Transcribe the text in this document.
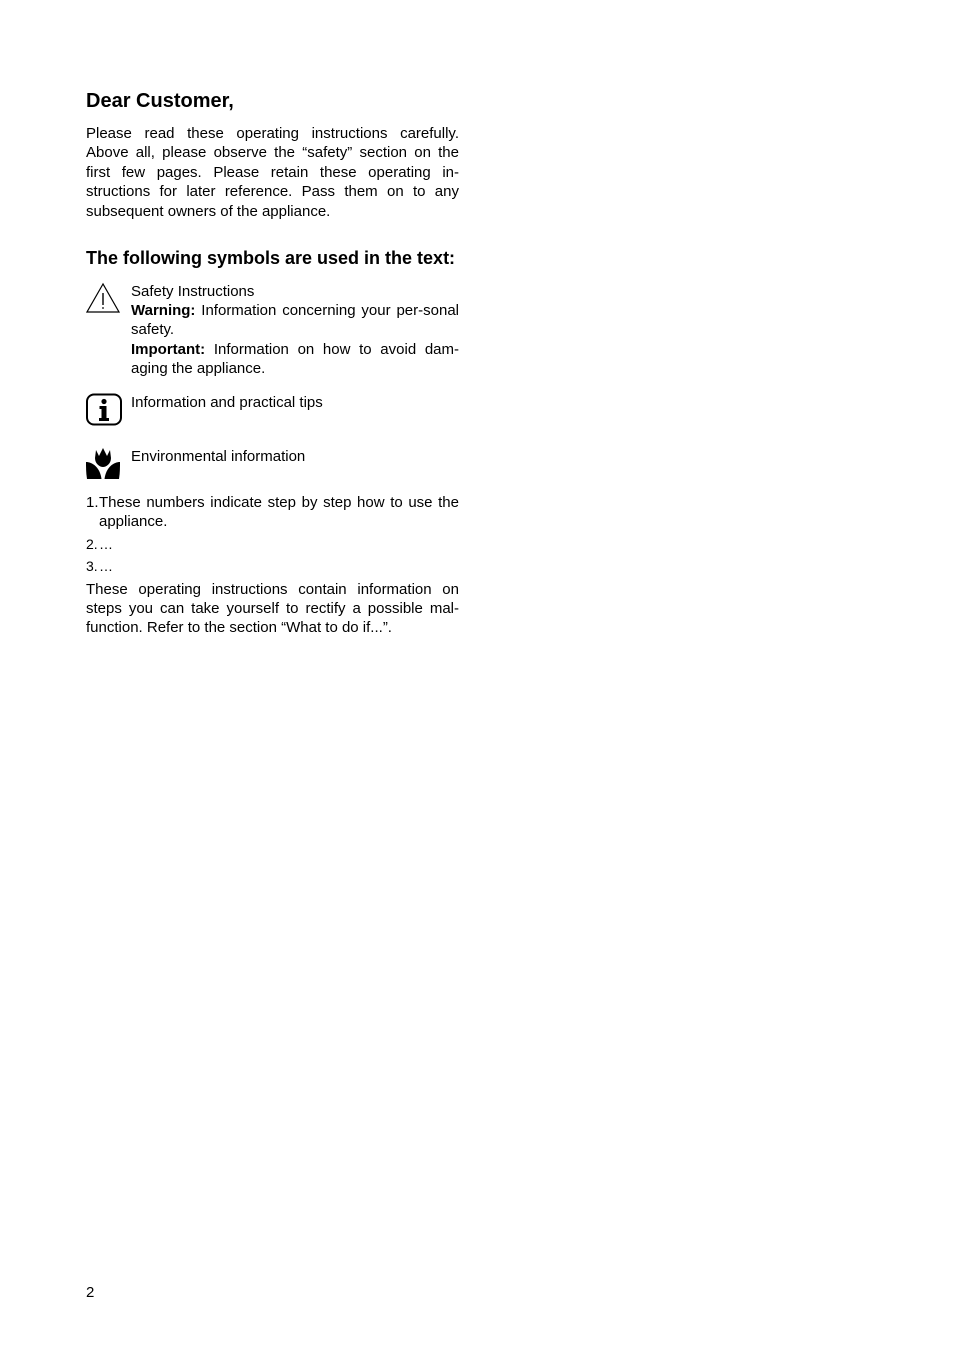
Dear Customer,

Please read these operating instructions carefully. Above all, please observe the “safety” section on the first few pages. Please retain these operating in-structions for later reference. Pass them on to any subsequent owners of the appliance.

The following symbols are used in the text:
Safety Instructions
Warning: Information concerning your per-sonal safety.
Important: Information on how to avoid dam-aging the appliance.
Information and practical tips
Environmental information
1. These numbers indicate step by step how to use the appliance.
2. …
3. …

These operating instructions contain information on steps you can take yourself to rectify a possible mal-function. Refer to the section “What to do if...”.

2
